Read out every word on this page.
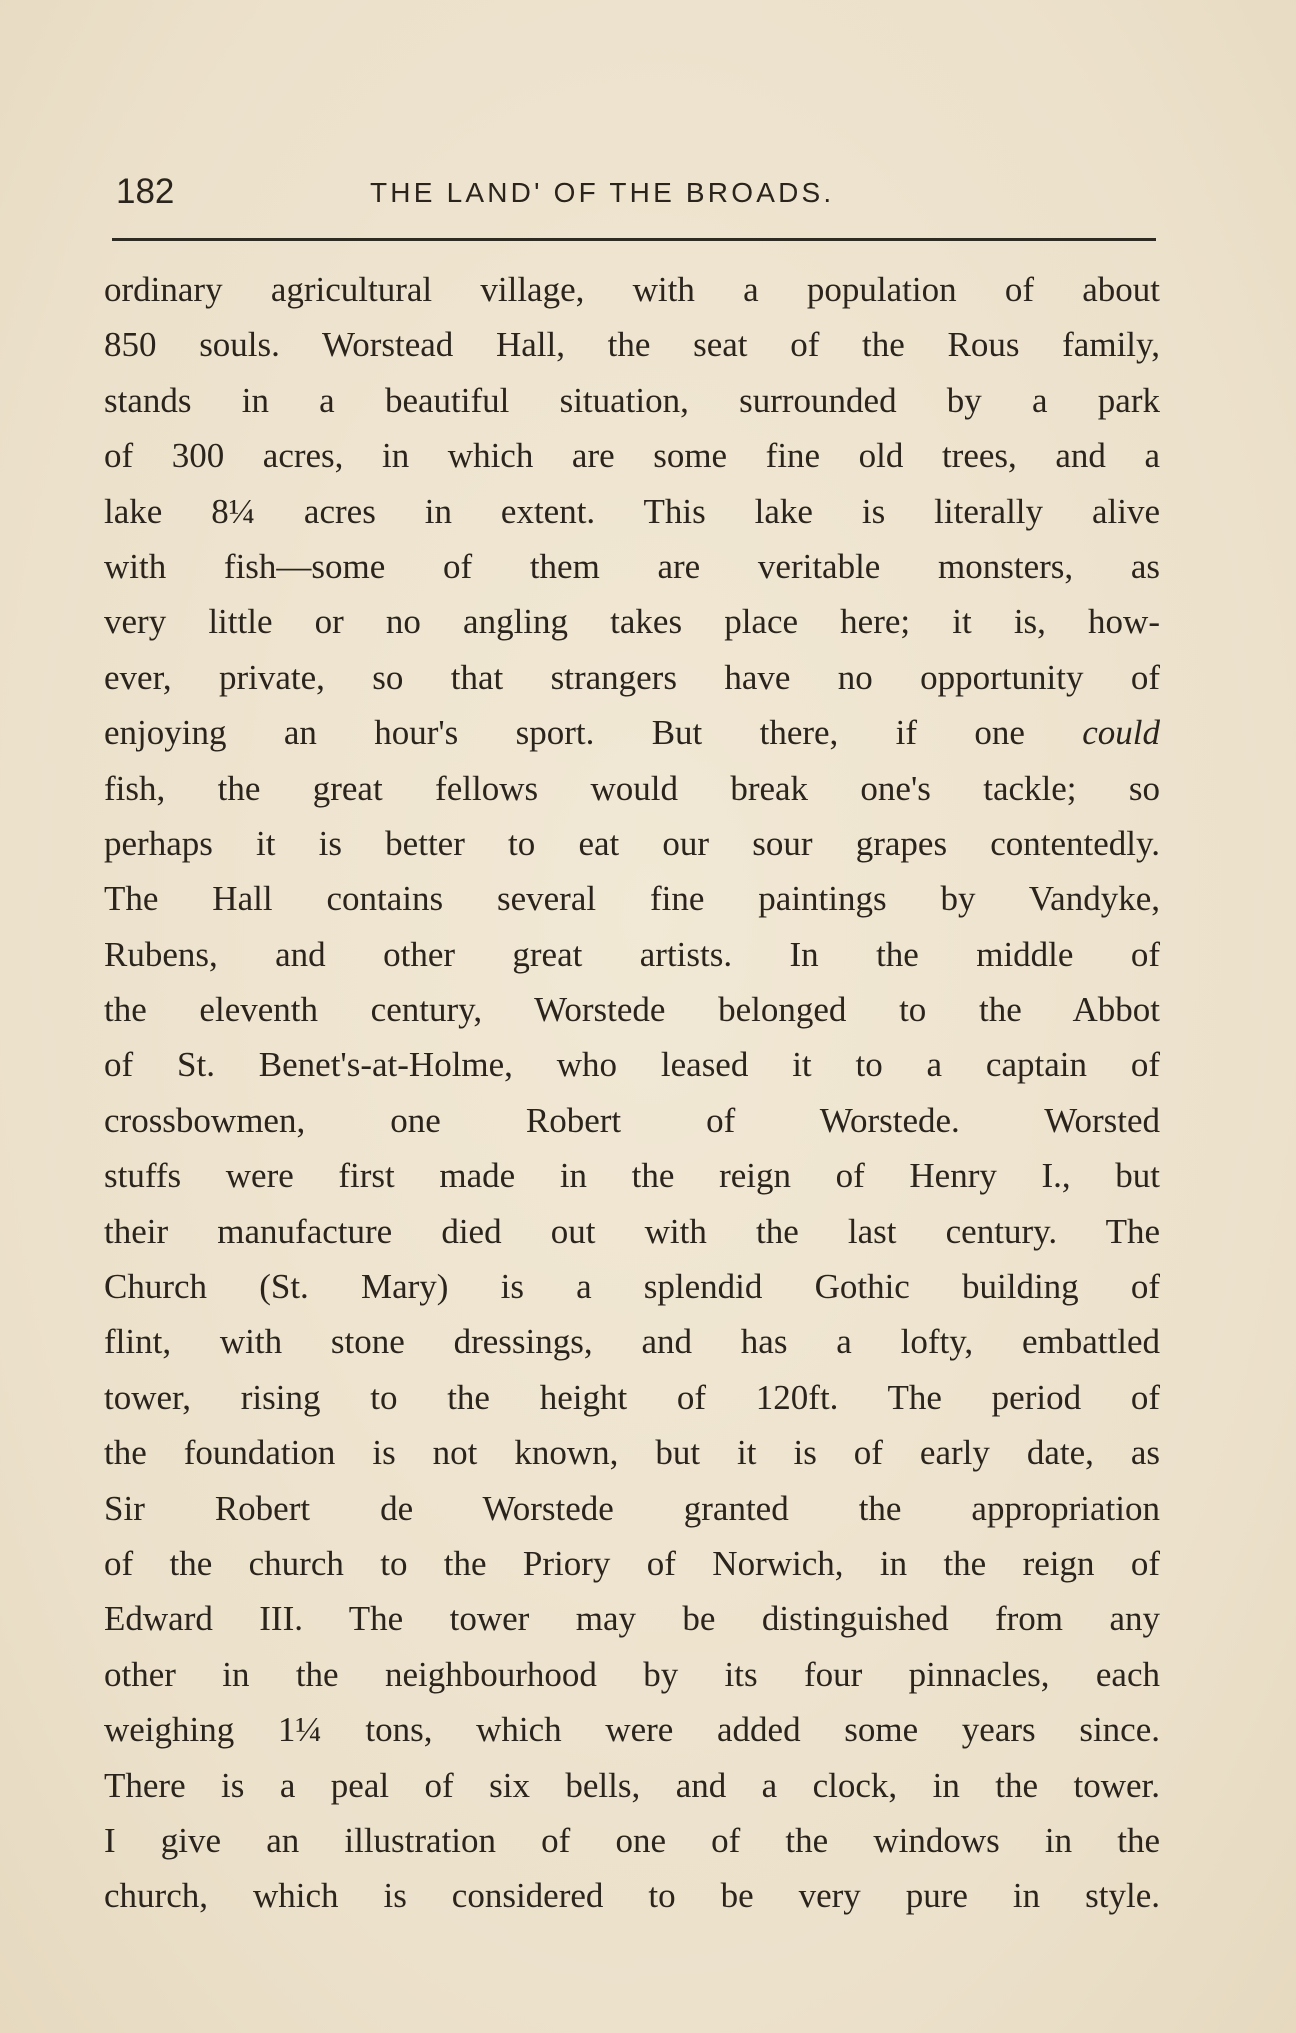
182	THE LAND' OF THE BROADS.
ordinary agricultural village, with a population of about
850 souls. Worstead Hall, the seat of the Rous family,
stands in a beautiful situation, surrounded by a park
of 300 acres, in which are some fine old trees, and a
lake 8¼ acres in extent. This lake is literally alive
with fish—some of them are veritable monsters, as
very little or no angling takes place here; it is, how-
ever, private, so that strangers have no opportunity of
enjoying an hour's sport. But there, if one could
fish, the great fellows would break one's tackle; so
perhaps it is better to eat our sour grapes contentedly.
The Hall contains several fine paintings by Vandyke,
Rubens, and other great artists. In the middle of
the eleventh century, Worstede belonged to the Abbot
of St. Benet's-at-Holme, who leased it to a captain of
crossbowmen, one Robert of Worstede. Worsted
stuffs were first made in the reign of Henry I., but
their manufacture died out with the last century. The
Church (St. Mary) is a splendid Gothic building of
flint, with stone dressings, and has a lofty, embattled
tower, rising to the height of 120ft. The period of
the foundation is not known, but it is of early date, as
Sir Robert de Worstede granted the appropriation
of the church to the Priory of Norwich, in the reign of
Edward III. The tower may be distinguished from any
other in the neighbourhood by its four pinnacles, each
weighing 1¼ tons, which were added some years since.
There is a peal of six bells, and a clock, in the tower.
I give an illustration of one of the windows in the
church, which is considered to be very pure in style.
